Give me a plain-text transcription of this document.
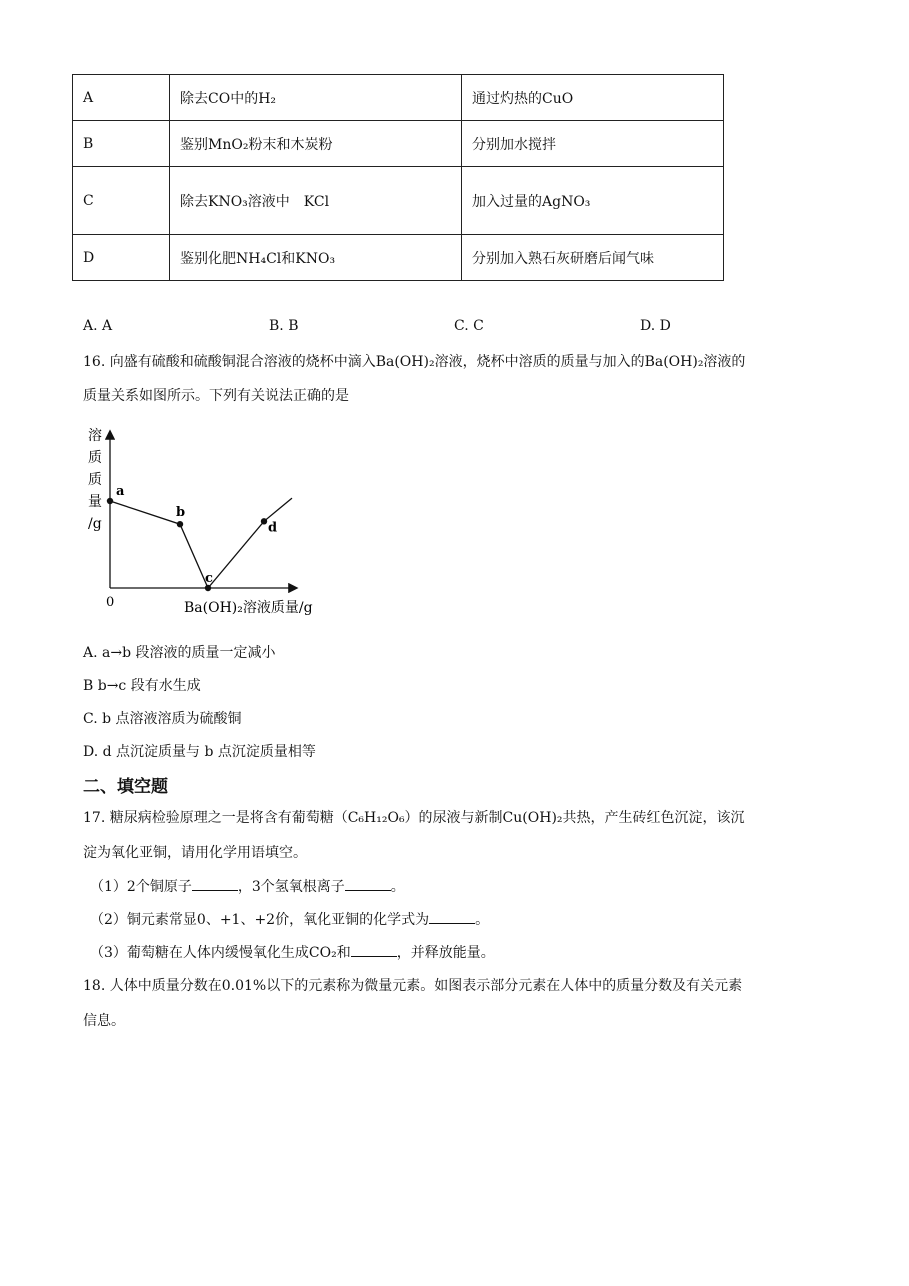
A	除去CO中的H₂	通过灼热的CuO
B	鉴别MnO₂粉末和木炭粉	分别加水搅拌
C	除去KNO₃溶液中　KCl	加入过量的AgNO₃
D	鉴别化肥NH₄Cl和KNO₃	分别加入熟石灰研磨后闻气味
A. A	B. B	C. C	D. D
16. 向盛有硫酸和硫酸铜混合溶液的烧杯中滴入Ba(OH)₂溶液，烧杯中溶质的质量与加入的Ba(OH)₂溶液的
质量关系如图所示。下列有关说法正确的是
溶
质
质
量
/g
0	Ba(OH)₂溶液质量/g
a
b
c
d
A. a→b 段溶液的质量一定减小
B b→c 段有水生成
C. b 点溶液溶质为硫酸铜
D. d 点沉淀质量与 b 点沉淀质量相等
二、填空题
17. 糖尿病检验原理之一是将含有葡萄糖（C₆H₁₂O₆）的尿液与新制Cu(OH)₂共热，产生砖红色沉淀，该沉
淀为氧化亚铜，请用化学用语填空。
（1）2个铜原子	，3个氢氧根离子	。
（2）铜元素常显0、+1、+2价，氧化亚铜的化学式为	。
（3）葡萄糖在人体内缓慢氧化生成CO₂和	，并释放能量。
18. 人体中质量分数在0.01%以下的元素称为微量元素。如图表示部分元素在人体中的质量分数及有关元素
信息。
